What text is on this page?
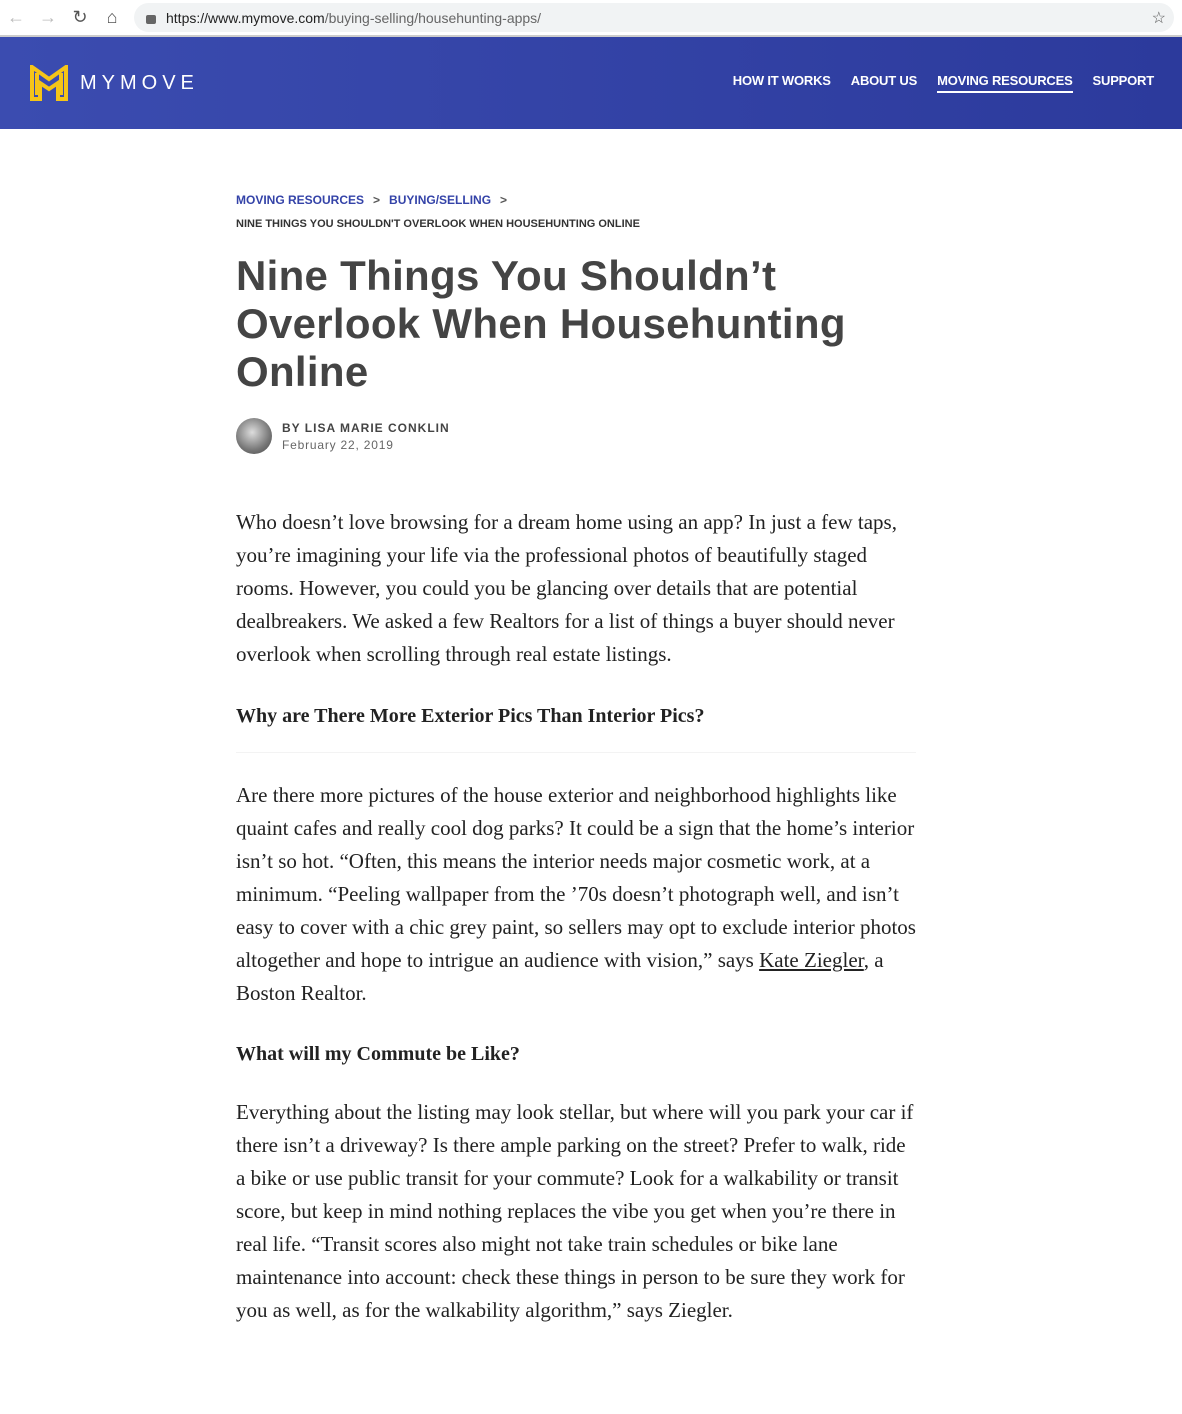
← → ↻	⌂	https://www.mymove.com /buying-selling/househunting-apps/	☆
MYMOVE	HOW IT WORKS ABOUT US MOVING RESOURCES SUPPORT
MOVING RESOURCES > BUYING/SELLING >
NINE THINGS YOU SHOULDN'T OVERLOOK WHEN HOUSEHUNTING ONLINE
Nine Things You Shouldn’t Overlook When Househunting Online
BY LISA MARIE CONKLIN
February 22, 2019

Who doesn’t love browsing for a dream home using an app? In just a few taps, you’re imagining your life via the professional photos of beautifully staged rooms. However, you could you be glancing over details that are potential dealbreakers. We asked a few Realtors for a list of things a buyer should never overlook when scrolling through real estate listings.

Why are There More Exterior Pics Than Interior Pics?

Are there more pictures of the house exterior and neighborhood highlights like quaint cafes and really cool dog parks? It could be a sign that the home’s interior isn’t so hot. “Often, this means the interior needs major cosmetic work, at a minimum. “Peeling wallpaper from the ’70s doesn’t photograph well, and isn’t easy to cover with a chic grey paint, so sellers may opt to exclude interior photos altogether and hope to intrigue an audience with vision,” says Kate Ziegler, a Boston Realtor.

What will my Commute be Like?

Everything about the listing may look stellar, but where will you park your car if there isn’t a driveway? Is there ample parking on the street? Prefer to walk, ride a bike or use public transit for your commute? Look for a walkability or transit score, but keep in mind nothing replaces the vibe you get when you’re there in real life. “Transit scores also might not take train schedules or bike lane maintenance into account: check these things in person to be sure they work for you as well, as for the walkability algorithm,” says Ziegler.
